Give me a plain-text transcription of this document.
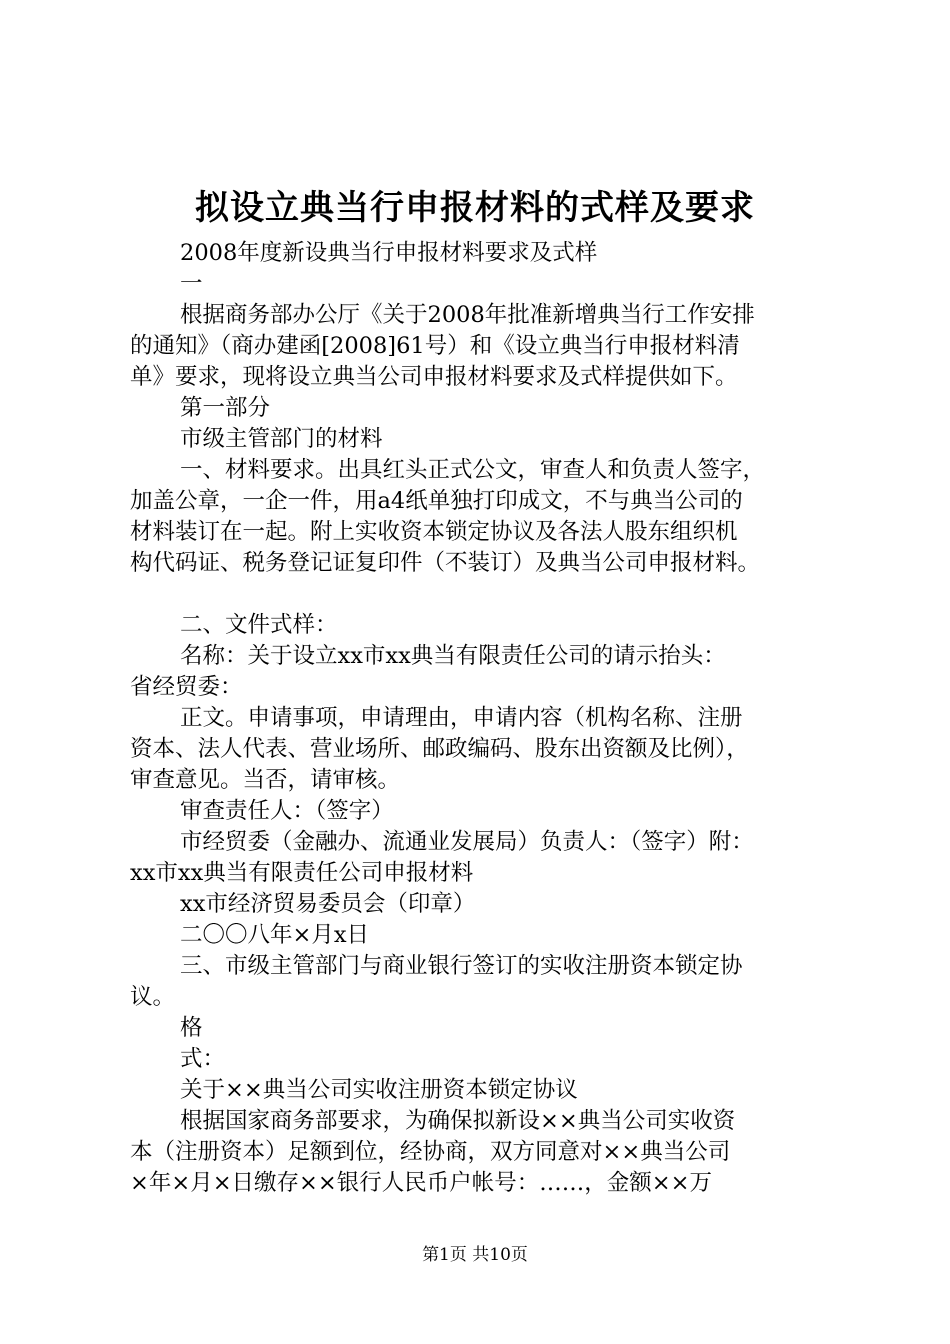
拟设立典当行申报材料的式样及要求
2008年度新设典当行申报材料要求及式样
一
根据商务部办公厅《关于2008年批准新增典当行工作安排
的通知》（商办建函[2008]61号）和《设立典当行申报材料清
单》要求，现将设立典当公司申报材料要求及式样提供如下。
第一部分
市级主管部门的材料
一、材料要求。出具红头正式公文，审查人和负责人签字，
加盖公章，一企一件，用a4纸单独打印成文，不与典当公司的
材料装订在一起。附上实收资本锁定协议及各法人股东组织机
构代码证、税务登记证复印件（不装订）及典当公司申报材料。
二、文件式样：
名称：关于设立xx市xx典当有限责任公司的请示抬头：
省经贸委：
正文。申请事项，申请理由，申请内容（机构名称、注册
资本、法人代表、营业场所、邮政编码、股东出资额及比例），
审查意见。当否，请审核。
审查责任人：（签字）
市经贸委（金融办、流通业发展局）负责人：（签字）附：
xx市xx典当有限责任公司申报材料
xx市经济贸易委员会（印章）
二〇〇八年×月x日
三、市级主管部门与商业银行签订的实收注册资本锁定协
议。
格
式：
关于××典当公司实收注册资本锁定协议
根据国家商务部要求，为确保拟新设××典当公司实收资
本（注册资本）足额到位，经协商，双方同意对××典当公司
×年×月×日缴存××银行人民币户帐号：……，金额××万
第1页 共10页
